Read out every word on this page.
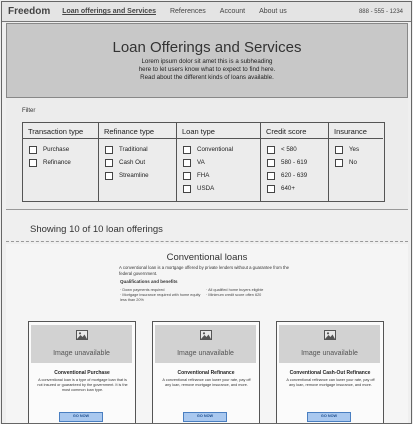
Freedom Loan offerings and Services References Account About us	888 - 555 - 1234
Loan Offerings and Services

Lorem ipsum dolor sit amet this is a subheading
here to let users know what to expect to find here.
Read about the different kinds of loans available.

Filter
Transaction type
Purchase
Refinance
Refinance type
Traditional
Cash Out
Streamline
Loan type
Conventional
VA
FHA
USDA
Credit score
< 580
580 - 619
620 - 639
640+
Insurance
Yes
No
Showing 10 of 10 loan offerings
Conventional loans
A conventional loan is a mortgage offered by private lenders without a guarantee from the federal government.
Qualifications and benefits
· Down payments required
· Mortgage insurance required with home equity less than 20%
· All qualified home buyers eligible
· Minimum credit score often 620
Image unavailable
Conventional Purchase
A conventional loan is a type of mortgage loan that is not insured or guaranteed by the government. It is the most common loan type.
GO NOW
Image unavailable
Conventional Refinance
A conventional refinance can lower your rate, pay off any loan, remove mortgage insurance, and more.
GO NOW
Image unavailable
Conventional Cash-Out Refinance
A conventional refinance can lower your rate, pay off any loan, remove mortgage insurance, and more.
GO NOW
